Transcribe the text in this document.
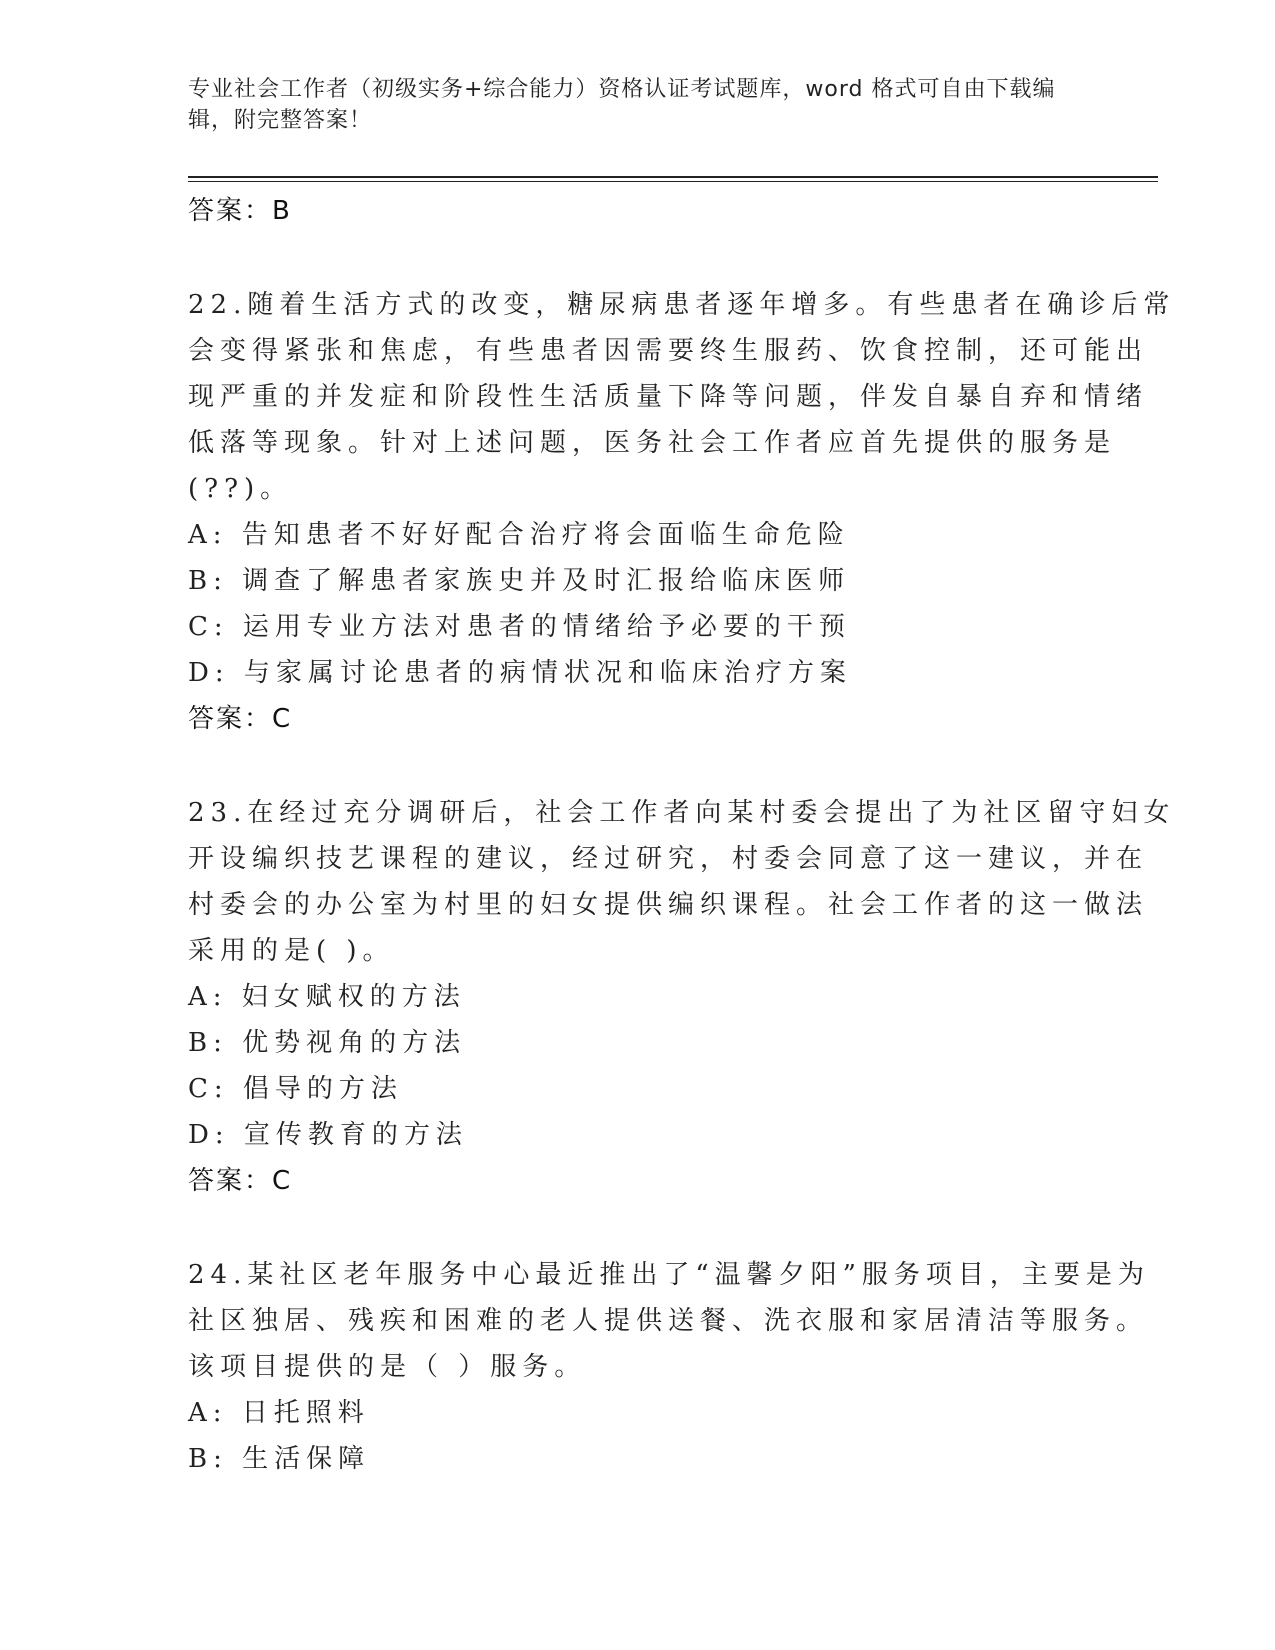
专业社会工作者（初级实务+综合能力）资格认证考试题库，word 格式可自由下载编辑，附完整答案！
答案：B
22.随着生活方式的改变，糖尿病患者逐年增多。有些患者在确诊后常
会变得紧张和焦虑，有些患者因需要终生服药、饮食控制，还可能出
现严重的并发症和阶段性生活质量下降等问题，伴发自暴自弃和情绪
低落等现象。针对上述问题，医务社会工作者应首先提供的服务是
(??)。
A: 告知患者不好好配合治疗将会面临生命危险
B: 调查了解患者家族史并及时汇报给临床医师
C: 运用专业方法对患者的情绪给予必要的干预
D: 与家属讨论患者的病情状况和临床治疗方案
答案：C
23.在经过充分调研后，社会工作者向某村委会提出了为社区留守妇女
开设编织技艺课程的建议，经过研究，村委会同意了这一建议，并在
村委会的办公室为村里的妇女提供编织课程。社会工作者的这一做法
采用的是( )。
A: 妇女赋权的方法
B: 优势视角的方法
C: 倡导的方法
D: 宣传教育的方法
答案：C
24.某社区老年服务中心最近推出了“温馨夕阳”服务项目，主要是为
社区独居、残疾和困难的老人提供送餐、洗衣服和家居清洁等服务。
该项目提供的是（ ）服务。
A: 日托照料
B: 生活保障
